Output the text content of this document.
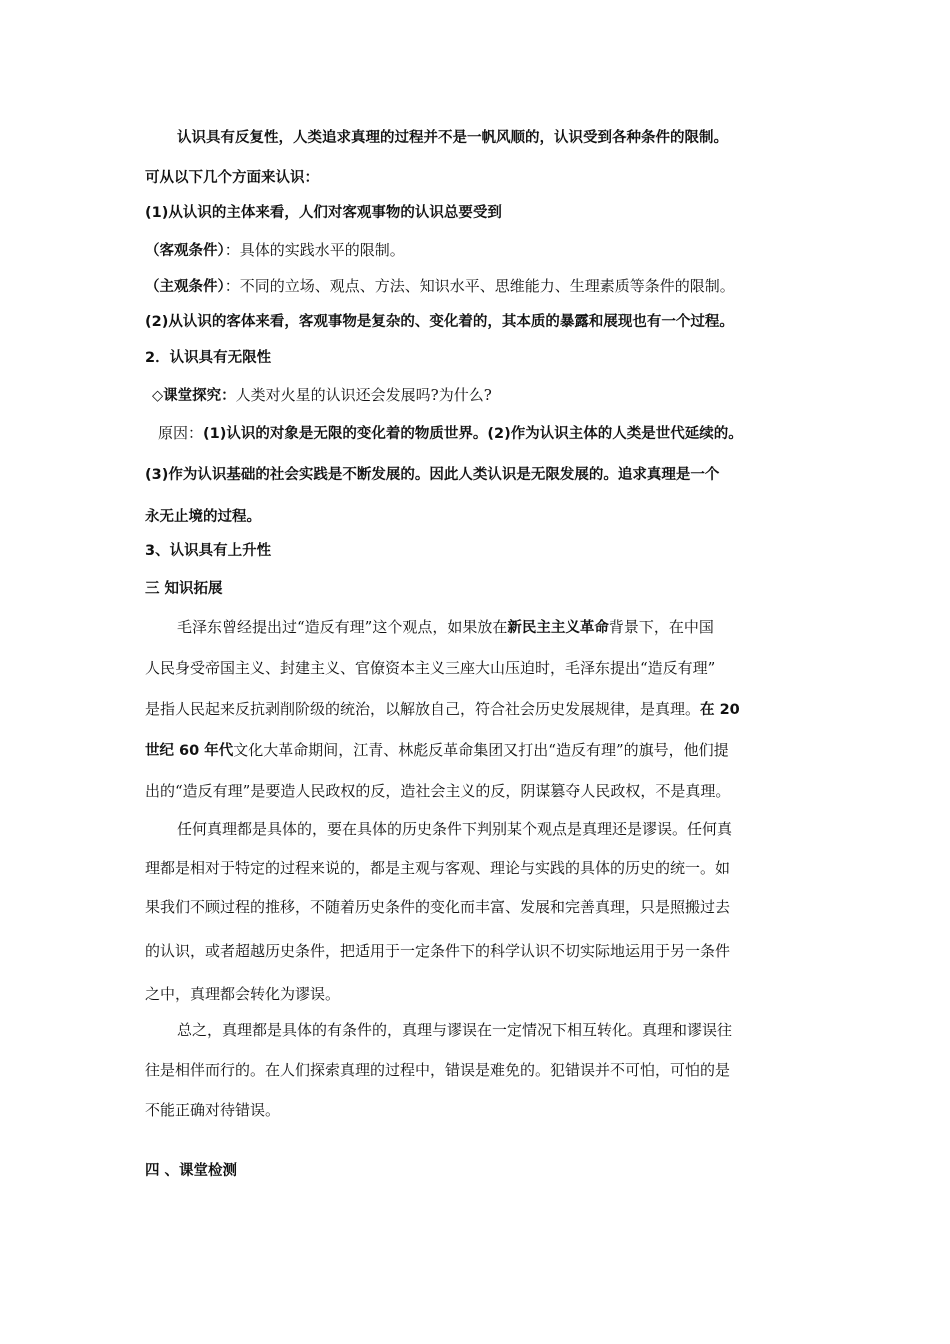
认识具有反复性，人类追求真理的过程并不是一帆风顺的，认识受到各种条件的限制。
可从以下几个方面来认识：
(1)从认识的主体来看，人们对客观事物的认识总要受到
（客观条件）：具体的实践水平的限制。
（主观条件）：不同的立场、观点、方法、知识水平、思维能力、生理素质等条件的限制。
(2)从认识的客体来看，客观事物是复杂的、变化着的，其本质的暴露和展现也有一个过程。
2．认识具有无限性
◇课堂探究：人类对火星的认识还会发展吗?为什么?
原因：(1)认识的对象是无限的变化着的物质世界。(2)作为认识主体的人类是世代延续的。
(3)作为认识基础的社会实践是不断发展的。因此人类认识是无限发展的。追求真理是一个
永无止境的过程。
3、认识具有上升性
三 知识拓展
毛泽东曾经提出过“造反有理”这个观点，如果放在新民主主义革命背景下，在中国
人民身受帝国主义、封建主义、官僚资本主义三座大山压迫时，毛泽东提出“造反有理”
是指人民起来反抗剥削阶级的统治，以解放自己，符合社会历史发展规律，是真理。在 20
世纪 60 年代文化大革命期间，江青、林彪反革命集团又打出“造反有理”的旗号，他们提
出的“造反有理”是要造人民政权的反，造社会主义的反，阴谋篡夺人民政权，不是真理。
任何真理都是具体的，要在具体的历史条件下判别某个观点是真理还是谬误。任何真
理都是相对于特定的过程来说的，都是主观与客观、理论与实践的具体的历史的统一。如
果我们不顾过程的推移，不随着历史条件的变化而丰富、发展和完善真理，只是照搬过去
的认识，或者超越历史条件，把适用于一定条件下的科学认识不切实际地运用于另一条件
之中，真理都会转化为谬误。
总之，真理都是具体的有条件的，真理与谬误在一定情况下相互转化。真理和谬误往
往是相伴而行的。在人们探索真理的过程中，错误是难免的。犯错误并不可怕，可怕的是
不能正确对待错误。
四 、课堂检测
